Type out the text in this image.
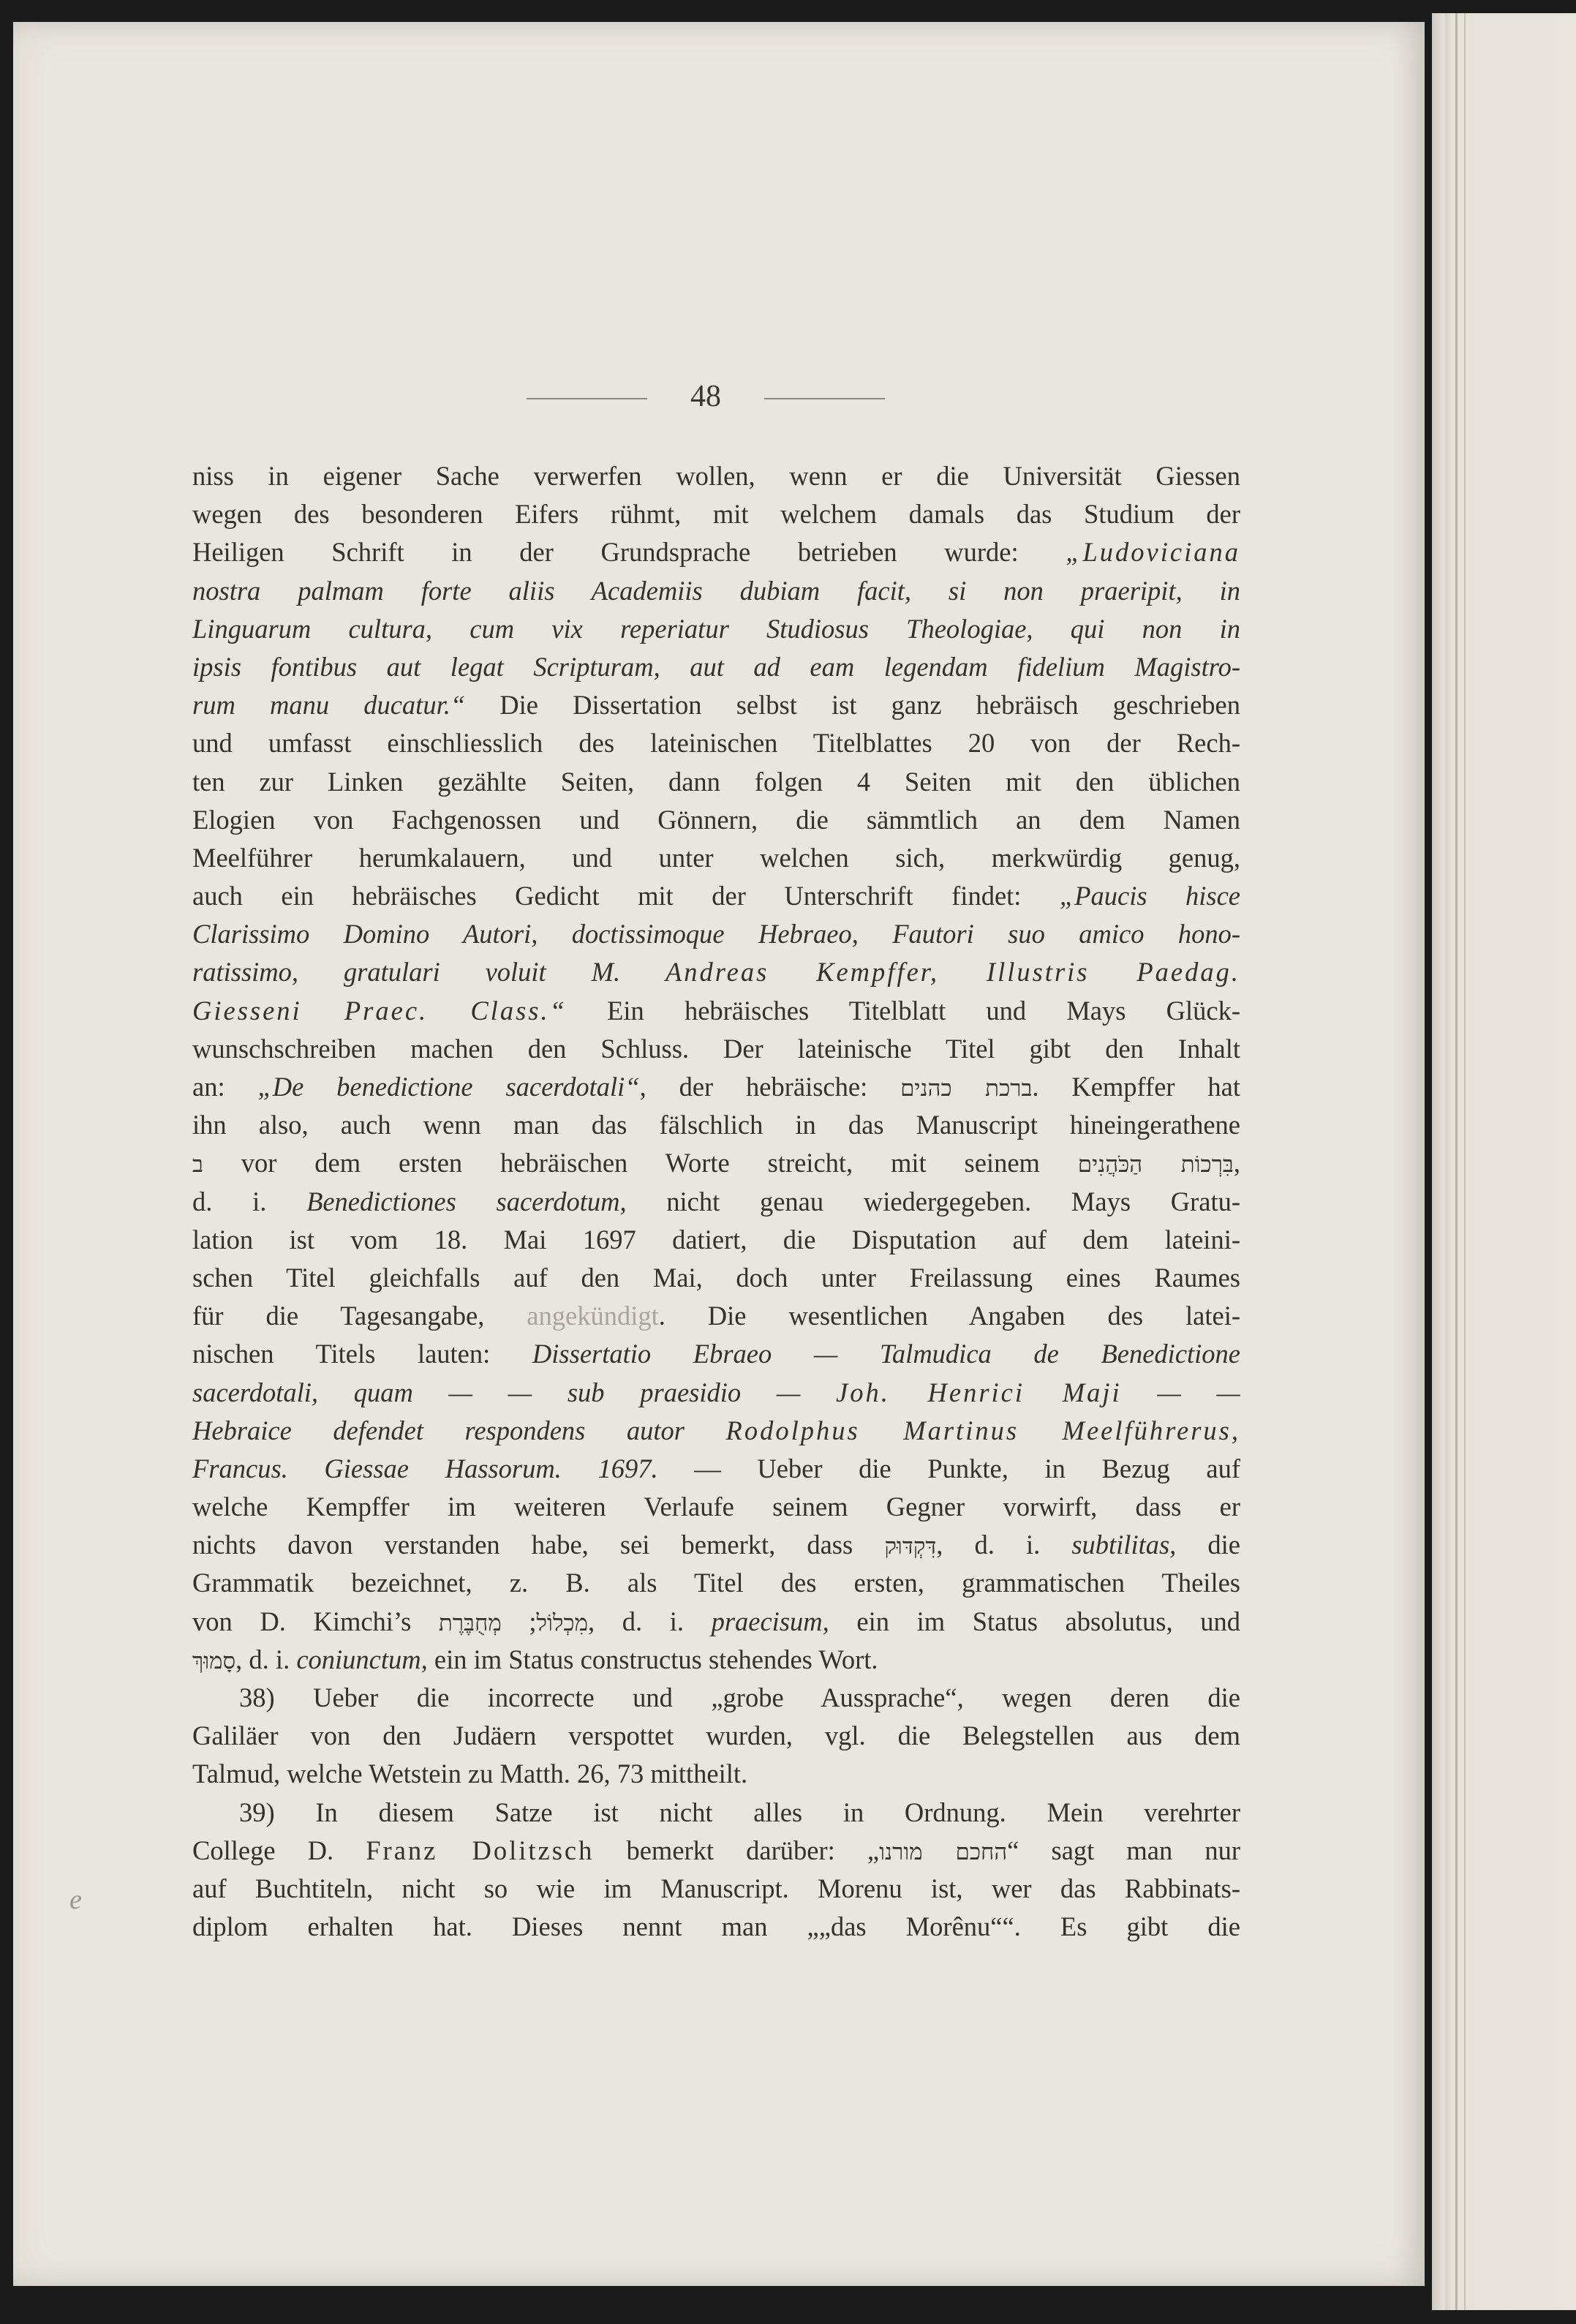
48
e
niss in eigener Sache verwerfen wollen, wenn er die Universität Giessen
wegen des besonderen Eifers rühmt, mit welchem damals das Studium der
Heiligen Schrift in der Grundsprache betrieben wurde: „Ludoviciana
nostra palmam forte aliis Academiis dubiam facit, si non praeripit, in
Linguarum cultura, cum vix reperiatur Studiosus Theologiae, qui non in
ipsis fontibus aut legat Scripturam, aut ad eam legendam fidelium Magistro-
rum manu ducatur.“ Die Dissertation selbst ist ganz hebräisch geschrieben
und umfasst einschliesslich des lateinischen Titelblattes 20 von der Rech-
ten zur Linken gezählte Seiten, dann folgen 4 Seiten mit den üblichen
Elogien von Fachgenossen und Gönnern, die sämmtlich an dem Namen
Meelführer herumkalauern, und unter welchen sich, merkwürdig genug,
auch ein hebräisches Gedicht mit der Unterschrift findet: „Paucis hisce
Clarissimo Domino Autori, doctissimoque Hebraeo, Fautori suo amico hono-
ratissimo, gratulari voluit M. Andreas Kempffer, Illustris Paedag.
Giesseni Praec. Class.“ Ein hebräisches Titelblatt und Mays Glück-
wunschschreiben machen den Schluss. Der lateinische Titel gibt den Inhalt
an: „De benedictione sacerdotali“, der hebräische: ברכת כהנים. Kempffer hat
ihn also, auch wenn man das fälschlich in das Manuscript hineingerathene
ב vor dem ersten hebräischen Worte streicht, mit seinem בִּרְכוֹת הַכֹּהֲנִים,
d. i. Benedictiones sacerdotum, nicht genau wiedergegeben. Mays Gratu-
lation ist vom 18. Mai 1697 datiert, die Disputation auf dem lateini-
schen Titel gleichfalls auf den Mai, doch unter Freilassung eines Raumes
für die Tagesangabe, angekündigt. Die wesentlichen Angaben des latei-
nischen Titels lauten: Dissertatio Ebraeo — Talmudica de Benedictione
sacerdotali, quam — — sub praesidio — Joh. Henrici Maji — —
Hebraice defendet respondens autor Rodolphus Martinus Meelführerus,
Francus. Giessae Hassorum. 1697. — Ueber die Punkte, in Bezug auf
welche Kempffer im weiteren Verlaufe seinem Gegner vorwirft, dass er
nichts davon verstanden habe, sei bemerkt, dass דִּקְדּוּק, d. i. subtilitas, die
Grammatik bezeichnet, z. B. als Titel des ersten, grammatischen Theiles
von D. Kimchi’s	מִכְלוֹל; מְחֻבֶּרֶת	, d. i. praecisum, ein im Status absolutus, und
סָמוּךְ, d. i. coniunctum, ein im Status constructus stehendes Wort.
38) Ueber die incorrecte und „grobe Aussprache“, wegen deren die
Galiläer von den Judäern verspottet wurden, vgl. die Belegstellen aus dem
Talmud, welche Wetstein zu Matth. 26, 73 mittheilt.
39) In diesem Satze ist nicht alles in Ordnung. Mein verehrter
College D. Franz Dolitzsch bemerkt darüber: „החכם מורנו“ sagt man nur
auf Buchtiteln, nicht so wie im Manuscript. Morenu ist, wer das Rabbinats-
diplom erhalten hat. Dieses nennt man „„das Morênu““. Es gibt die
